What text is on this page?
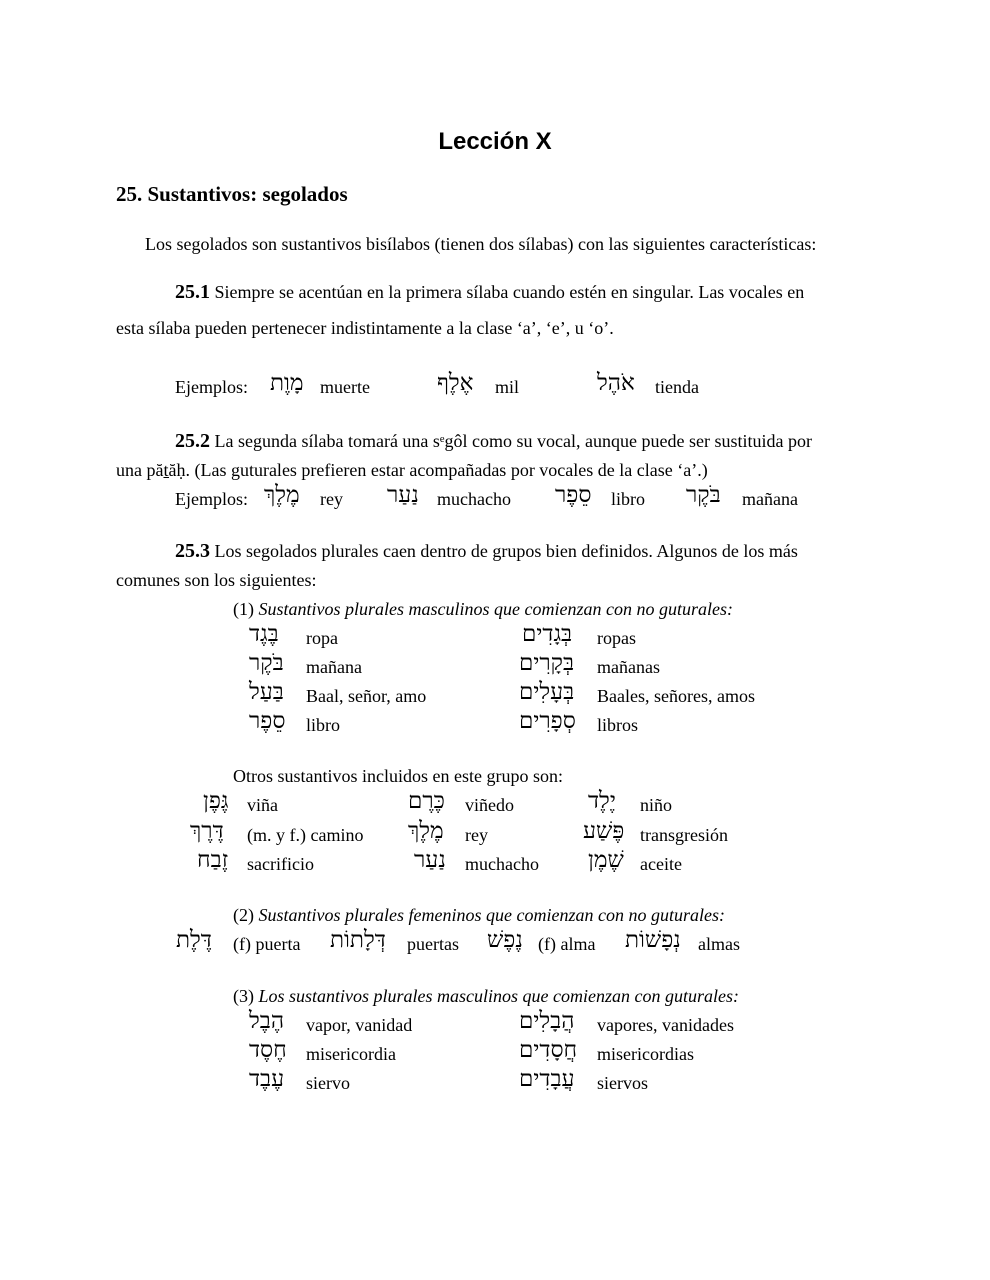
Lección X
25. Sustantivos: segolados
Los segolados son sustantivos bisílabos (tienen dos sílabas) con las siguientes características:
25.1 Siempre se acentúan en la primera sílaba cuando estén en singular. Las vocales en
esta sílaba pueden pertenecer indistintamente a la clase ‘a’, ‘e’, u ‘o’.
Ejemplos: מָוֶת muerte	אֶלֶף mil	אֹהֶל tienda
25.2 La segunda sílaba tomará una sᵉgôl como su vocal, aunque puede ser sustituida por
una păṯăḥ. (Las guturales prefieren estar acompañadas por vocales de la clase ‘a’.)
Ejemplos: מֶלֶךְ rey נַעַר muchacho סֵפֶר libro בֹּקֶר mañana
25.3 Los segolados plurales caen dentro de grupos bien definidos. Algunos de los más
comunes son los siguientes:
(1) Sustantivos plurales masculinos que comienzan con no guturales:
בֶּגֶד ropa	בְּגָדִים ropas
בֹּקֶר mañana	בְּקָרִים mañanas
בַּעַל Baal, señor, amo	בְּעָלִים Baales, señores, amos
סֵפֶר libro	סְפָרִים libros
Otros sustantivos incluidos en este grupo son:
גֶּפֶן viña	כֶּרֶם viñedo	יֶלֶד niño
דֶּרֶךְ (m. y f.) camino מֶלֶךְ rey	פֶּשַׁע transgresión
זֶבַח sacrificio	נַעַר muchacho שֶׁמֶן aceite
(2) Sustantivos plurales femeninos que comienzan con no guturales:
דֶּלֶת (f) puerta דְּלָתוֹת puertas נֶפֶשׁ (f) alma נְפָשׁוֹת almas
(3) Los sustantivos plurales masculinos que comienzan con guturales:
הֶבֶל vapor, vanidad	הֲבָלִים vapores, vanidades
חֶסֶד misericordia	חֲסָדִים misericordias
עֶבֶד siervo	עֲבָדִים siervos
